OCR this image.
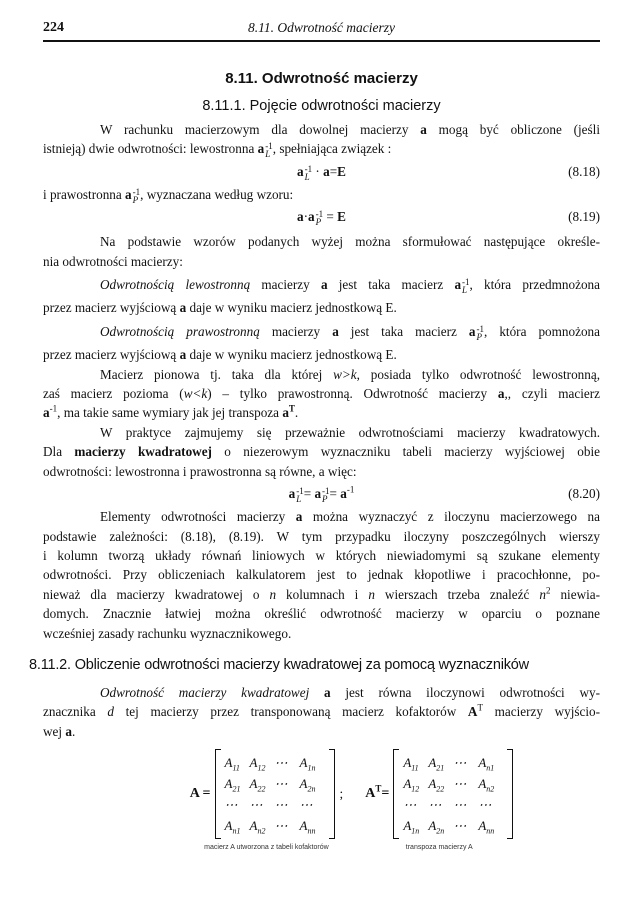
224	8.11. Odwrotność macierzy
8.11. Odwrotność macierzy
8.11.1. Pojęcie odwrotności macierzy
W rachunku macierzowym dla dowolnej macierzy a mogą być obliczone (jeśli
istnieją) dwie odwrotności: lewostronna a -1
L , spełniająca związek :
a -1
L · a=E	(8.18)
i prawostronna a -1
P , wyznaczana według wzoru:
a·a -1
P = E	(8.19)
Na podstawie wzorów podanych wyżej można sformułować następujące określe-
nia odwrotności macierzy:
Odwrotnością lewostronną macierzy a jest taka macierz a -1
L , która przedmnożona
przez macierz wyjściową a daje w wyniku macierz jednostkową E.
Odwrotnością prawostronną macierzy a jest taka macierz a -1
P , która pomnożona
przez macierz wyjściową a daje w wyniku macierz jednostkową E.
Macierz pionowa tj. taka dla której w>k, posiada tylko odwrotność lewostronną,
zaś macierz pozioma (w<k) – tylko prawostronną. Odwrotność macierzy a,, czyli macierz
$a^{-1}$, ma takie same wymiary jak jej transpoza $a^T$.
W praktyce zajmujemy się przeważnie odwrotnościami macierzy kwadratowych.
Dla macierzy kwadratowej o niezerowym wyznaczniku tabeli macierzy wyjściowej obie
odwrotności: lewostronna i prawostronna są równe, a więc:
a -1
L = a -1
$P = a^{-1}$	(8.20)
Elementy odwrotności macierzy a można wyznaczyć z iloczynu macierzowego na
podstawie zależności: (8.18), (8.19). W tym przypadku iloczyny poszczególnych wierszy
i kolumn tworzą układy równań liniowych w których niewiadomymi są szukane elementy
odwrotności. Przy obliczeniach kalkulatorem jest to jednak kłopotliwe i pracochłonne, po-
nieważ dla macierzy kwadratowej o n kolumnach i n wierszach trzeba znaleźć $n^2$ niewia-
domych. Znacznie łatwiej można określić odwrotność macierzy w oparciu o poznane
wcześniej zasady rachunku wyznacznikowego.
8.11.2. Obliczenie odwrotności macierzy kwadratowej za pomocą wyznaczników
Odwrotność macierzy kwadratowej a jest równa iloczynowi odwrotności wy-
znacznika d tej macierzy przez transponowaną macierz kofaktorów $A^T$ macierzy wyjścio-
wej a.
A =
$A_{11}$ $A_{12}$ ⋯ $A_{1n}$
$A_{21}$ $A_{22}$ ⋯ $A_{2n}$
⋯ ⋯ ⋯ ⋯
$A_{n1}$ $A_{n2}$ ⋯ $A_{nn}$
;
macierz A utworzona z tabeli kofaktorów
$A^T=$
$A_{11}$ $A_{21}$ ⋯ $A_{n1}$
$A_{12}$ $A_{22}$ ⋯ $A_{n2}$
⋯ ⋯ ⋯ ⋯
$A_{1n}$ $A_{2n}$ ⋯ $A_{nn}$
transpoza macierzy A
